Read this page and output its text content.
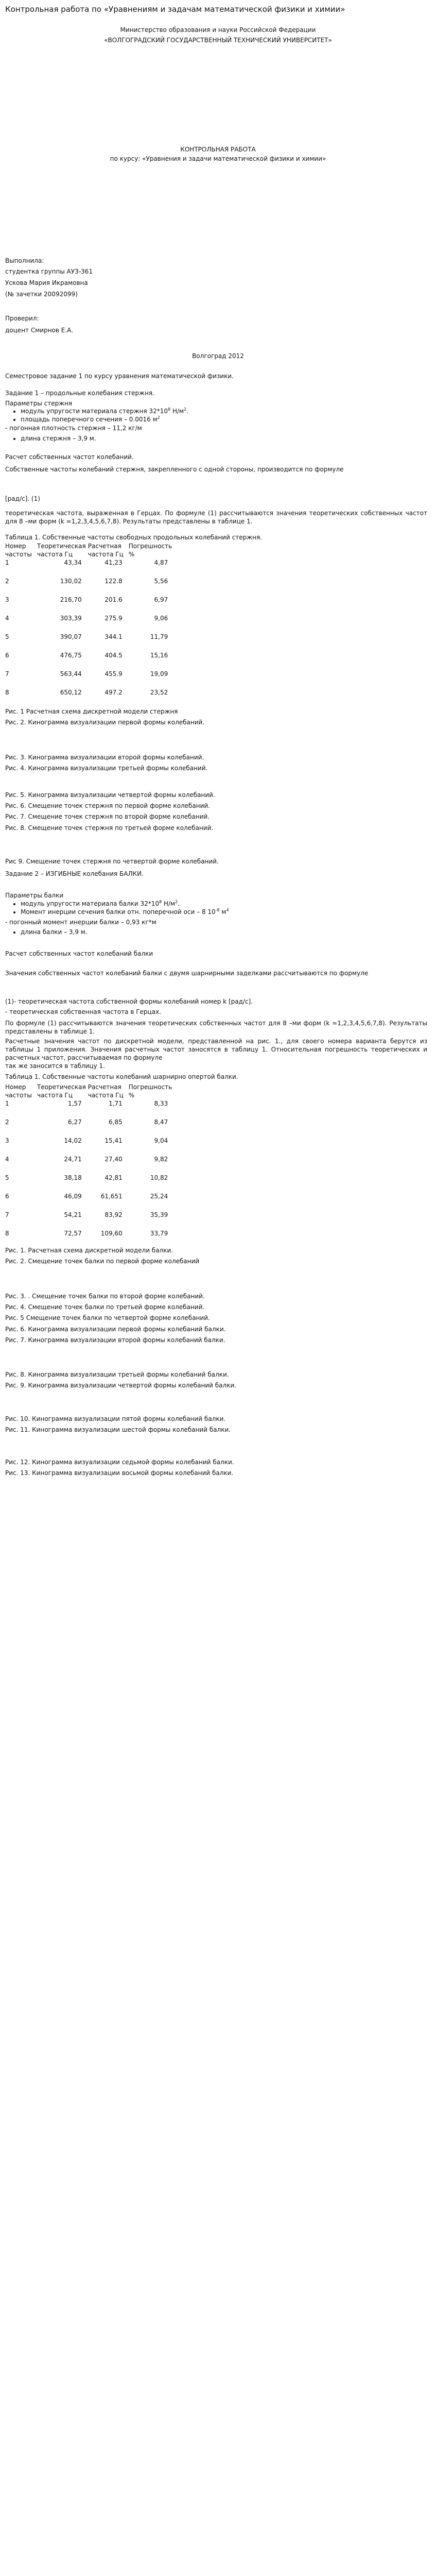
Контрольная работа по «Уравнениям и задачам математической физики и химии»
Министерство образования и науки Российской Федерации
«ВОЛГОГРАДСКИЙ ГОСУДАРСТВЕННЫЙ ТЕХНИЧЕСКИЙ УНИВЕРСИТЕТ»
КОНТРОЛЬНАЯ РАБОТА
по курсу: «Уравнения и задачи математической физики и химии»
Выполнила:
студентка группы АУЗ-361
Ускова Мария Икрамовна
(№ зачетки 20092099)
Проверил:
доцент Смирнов Е.А.
Волгоград 2012
Семестровое задание 1 по курсу уравнения математической физики.
Задание 1 – продольные колебания стержня.
Параметры стержня
• модуль упругости материала стержня $32*10^8$ $Н/м^2$.
• площадь поперечного сечения – 0.0016 $м^2$
- погонная плотность стержня – 11,2 кг/м
• длина стержня – 3,9 м.
Расчет собственных частот колебаний.
Собственные частоты колебаний стержня, закрепленного с одной стороны, производится по формуле
[рад/с]. (1)
теоретическая частота, выраженная в Герцах. По формуле (1) рассчитываются значения теоретических собственных частот для 8 –ми форм (k =1,2,3,4,5,6,7,8). Результаты представлены в таблице 1.
Таблица 1. Собственные частоты свободных продольных колебаний стержня.
Номер частоты	Теоретическая частота Гц	Расчетная частота Гц	Погрешность %
1	43,34	41,23	4,87
2	130,02	122.8	5,56
3	216,70	201.6	6,97
4	303,39	275.9	9,06
5	390,07	344.1	11,79
6	476,75	404.5	15,16
7	563,44	455.9	19,09
8	650,12	497.2	23,52
Рис. 1 Расчетная схема дискретной модели стержня
Рис. 2. Кинограмма визуализации первой формы колебаний.
Рис. 3. Кинограмма визуализации второй формы колебаний.
Рис. 4. Кинограмма визуализации третьей формы колебаний.
Рис. 5. Кинограмма визуализации четвертой формы колебаний.
Рис. 6. Смещение точек стержня по первой форме колебаний.
Рис. 7. Смещение точек стержня по второй форме колебаний.
Рис. 8. Смещение точек стержня по третьей форме колебаний.
Рис 9. Смещение точек стержня по четвертой форме колебаний.
Задание 2 – ИЗГИБНЫЕ колебания БАЛКИ.
Параметры балки
• модуль упругости материала балки $32*10^8$ $Н/м^2$.
• Момент инерции сечения балки отн. поперечной оси – 8 $10^{-8}$ $м^4$
- погонный момент инерции балки – 0,93 кг*м
• длина балки – 3,9 м.
Расчет собственных частот колебаний балки
Значения собственных частот колебаний балки с двумя шарнирными заделками рассчитываются по формуле
(1)- теоретическая частота собственной формы колебаний номер k [рад/с].
- теоретическая собственная частота в Герцах.
По формуле (1) рассчитываются значения теоретических собственных частот для 8 –ми форм (k =1,2,3,4,5,6,7,8). Результаты представлены в таблице 1.
Расчетные значения частот по дискретной модели, представленной на рис. 1., для своего номера варианта берутся из таблицы 1 приложения. Значения расчетных частот заносятся в таблицу 1. Относительная погрешность теоретических и расчетных частот, рассчитываемая по формуле
так же заносится в таблицу 1.
Таблица 1. Собственные частоты колебаний шарнирно опертой балки.
Номер частоты	Теоретическая частота Гц	Расчетная частота Гц	Погрешность %
1	1,57	1,71	8,33
2	6,27	6,85	8,47
3	14,02	15,41	9,04
4	24,71	27,40	9,82
5	38,18	42,81	10,82
6	46,09	61,651	25,24
7	54,21	83,92	35,39
8	72,57	109,60	33,79
Рис. 1. Расчетная схема дискретной модели балки.
Рис. 2. Смещение точек балки по первой форме колебаний
Рис. 3. . Смещение точек балки по второй форме колебаний.
Рис. 4. Смещение точек балки по третьей форме колебаний.
Рис. 5 Смещение точек балки по четвертой форме колебаний.
Рис. 6. Кинограмма визуализации первой формы колебаний балки.
Рис. 7. Кинограмма визуализации второй формы колебаний балки.
Рис. 8. Кинограмма визуализации третьей формы колебаний балки.
Рис. 9. Кинограмма визуализации четвертой формы колебаний балки.
Рис. 10. Кинограмма визуализации пятой формы колебаний балки.
Рис. 11. Кинограмма визуализации шестой формы колебаний балки.
Рис. 12. Кинограмма визуализации седьмой формы колебаний балки.
Рис. 13. Кинограмма визуализации восьмой формы колебаний балки.
